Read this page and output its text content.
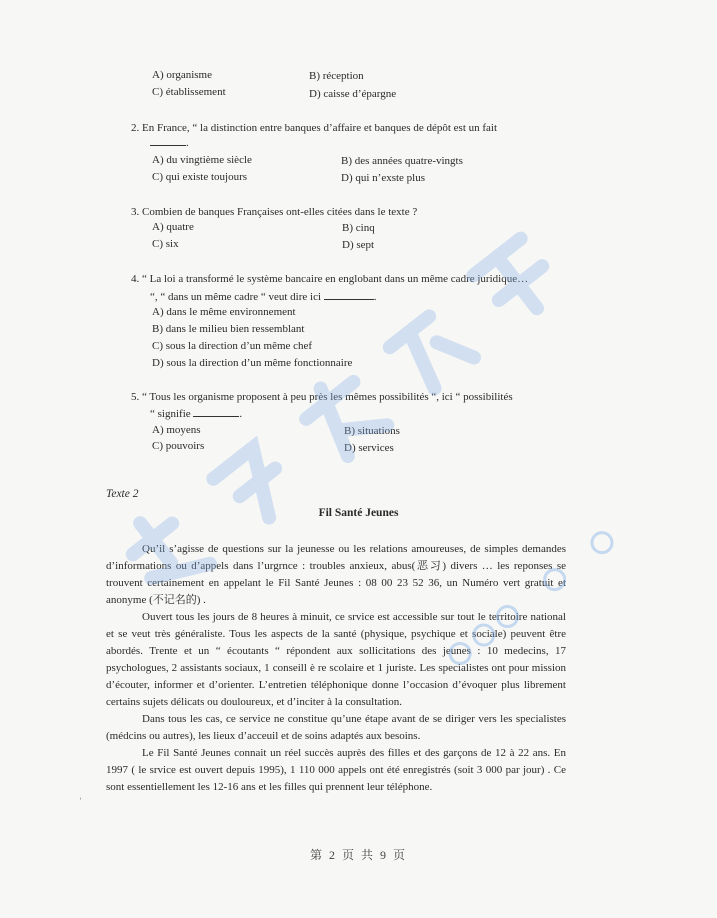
A) organisme	B) réception
C) établissement	D) caisse d’épargne
2. En France, “ la distinction entre banques d’affaire et banques de dépôt est un fait
.
A) du vingtième siècle	B) des années quatre-vingts
C) qui existe toujours	D) qui n’exste plus
3. Combien de banques Françaises ont-elles citées dans le texte ?
A) quatre	B) cinq
C) six	D) sept
4. “ La loi a transformé le système bancaire en englobant dans un même cadre juridique…
“, “ dans un même cadre “ veut dire ici	.
A) dans le même environnement
B) dans le milieu bien ressemblant
C) sous la direction d’un même chef
D) sous la direction d’un même fonctionnaire
5. “ Tous les organisme proposent à peu près les mêmes possibilités “, ici “ possibilités
“ signifie	.
A) moyens	B) situations
C) pouvoirs	D) services
Texte 2
Fil Santé Jeunes

Qu’il s’agisse de questions sur la jeunesse ou les relations amoureuses, de simples demandes d’informations ou d’appels dans l’urgrnce : troubles anxieux, abus(恶习) divers … les reponses se trouvent certainement en appelant le Fil Santé Jeunes : 08 00 23 52 36, un Numéro vert gratuit et anonyme (不记名的) .

Ouvert tous les jours de 8 heures à minuit, ce srvice est accessible sur tout le territoire national et se veut très généraliste. Tous les aspects de la santé (physique, psychique et sociale) peuvent être abordés. Trente et un “ écoutants “ répondent aux sollicitations des jeunes : 10 medecins, 17 psychologues, 2 assistants sociaux, 1 conseill è re scolaire et 1 juriste. Les specialistes ont pour mission d’écouter, informer et d’orienter. L’entretien téléphonique donne l’occasion d’évoquer plus librement certains sujets délicats ou douloureux, et d’inciter à la consultation.

Dans tous les cas, ce service ne constitue qu’une étape avant de se diriger vers les specialistes (médcins ou autres), les lieux d’acceuil et de soins adaptés aux besoins.

Le Fil Santé Jeunes connait un réel succès auprès des filles et des garçons de 12 à 22 ans. En 1997 ( le srvice est ouvert depuis 1995), 1 110 000 appels ont été enregistrés (soit 3 000 par jour) . Ce sont essentiellement les 12-16 ans et les filles qui prennent leur téléphone.

第 2 页 共 9 页
˒
